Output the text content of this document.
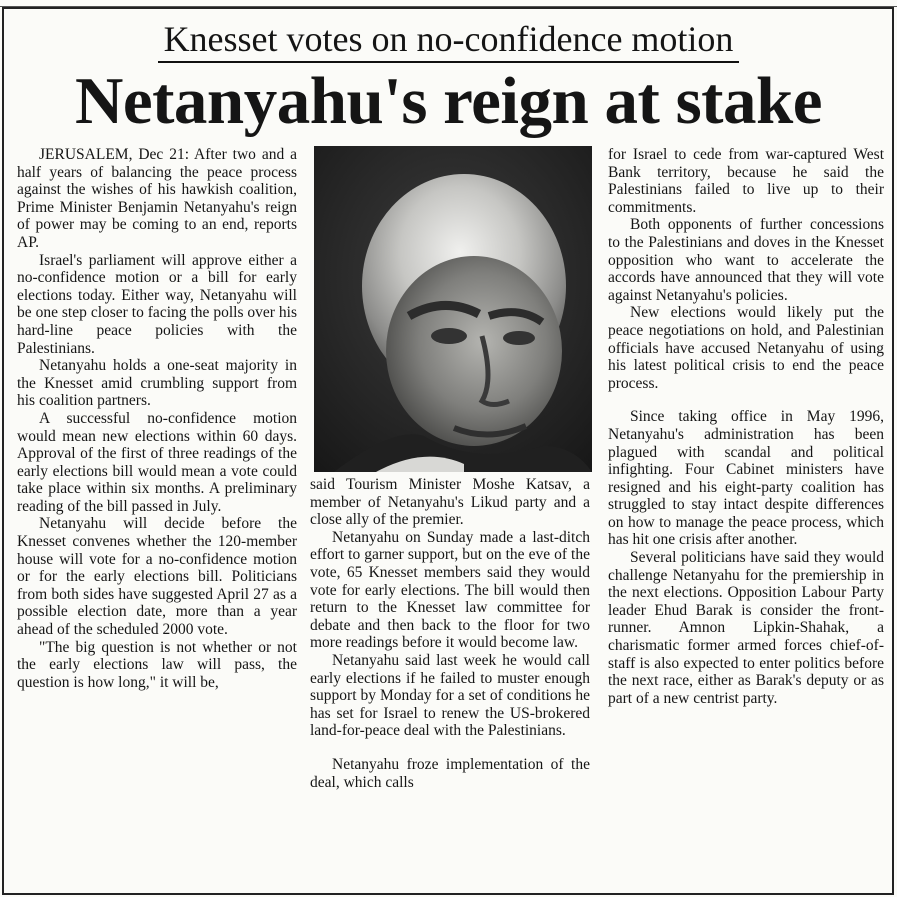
Knesset votes on no-confidence motion
Netanyahu's reign at stake

JERUSALEM, Dec 21: After two and a half years of balancing the peace process against the wishes of his hawkish coalition, Prime Minister Benjamin Netanyahu's reign of power may be coming to an end, reports AP.

Israel's parliament will approve either a no-confidence motion or a bill for early elections today. Either way, Netanyahu will be one step closer to facing the polls over his hard-line peace policies with the Palestinians.

Netanyahu holds a one-seat majority in the Knesset amid crumbling support from his coalition partners.

A successful no-confidence motion would mean new elections within 60 days. Approval of the first of three readings of the early elections bill would mean a vote could take place within six months. A preliminary reading of the bill passed in July.

Netanyahu will decide before the Knesset convenes whether the 120-member house will vote for a no-confidence motion or for the early elections bill. Politicians from both sides have suggested April 27 as a possible election date, more than a year ahead of the scheduled 2000 vote.

"The big question is not whether or not the early elections law will pass, the question is how long," it will be,

said Tourism Minister Moshe Katsav, a member of Netanyahu's Likud party and a close ally of the premier.

Netanyahu on Sunday made a last-ditch effort to garner support, but on the eve of the vote, 65 Knesset members said they would vote for early elections. The bill would then return to the Knesset law committee for debate and then back to the floor for two more readings before it would become law.

Netanyahu said last week he would call early elections if he failed to muster enough support by Monday for a set of conditions he has set for Israel to renew the US-brokered land-for-peace deal with the Palestinians.

Netanyahu froze implementation of the deal, which calls

for Israel to cede from war-captured West Bank territory, because he said the Palestinians failed to live up to their commitments.

Both opponents of further concessions to the Palestinians and doves in the Knesset opposition who want to accelerate the accords have announced that they will vote against Netanyahu's policies.

New elections would likely put the peace negotiations on hold, and Palestinian officials have accused Netanyahu of using his latest political crisis to end the peace process.

Since taking office in May 1996, Netanyahu's administration has been plagued with scandal and political infighting. Four Cabinet ministers have resigned and his eight-party coalition has struggled to stay intact despite differences on how to manage the peace process, which has hit one crisis after another.

Several politicians have said they would challenge Netanyahu for the premiership in the next elections. Opposition Labour Party leader Ehud Barak is consider the front-runner. Amnon Lipkin-Shahak, a charismatic former armed forces chief-of-staff is also expected to enter politics before the next race, either as Barak's deputy or as part of a new centrist party.
